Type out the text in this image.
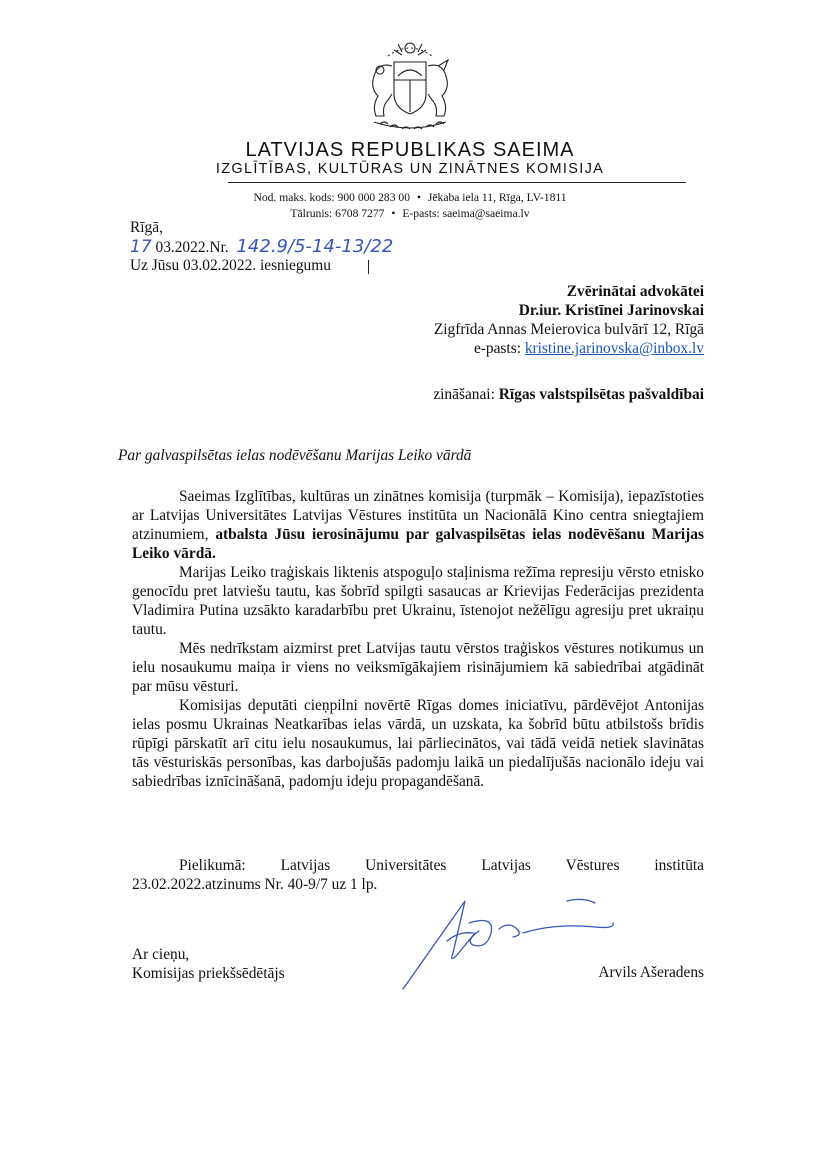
LATVIJAS REPUBLIKAS SAEIMA
IZGLĪTĪBAS, KULTŪRAS UN ZINĀTNES KOMISIJA
Nod. maks. kods: 900 000 283 00 • Jēkaba iela 11, Rīga, LV-1811
Tālrunis: 6708 7277 • E-pasts: saeima@saeima.lv
Rīgā,
17 03.2022.Nr. 142.9/5-14-13/22
Uz Jūsu 03.02.2022. iesniegumu
Zvērinātai advokātei
Dr.iur. Kristīnei Jarinovskai
Zigfrīda Annas Meierovica bulvārī 12, Rīgā
e-pasts: kristine.jarinovska@inbox.lv
zināšanai: Rīgas valstspilsētas pašvaldībai
Par galvaspilsētas ielas nodēvēšanu Marijas Leiko vārdā

Saeimas Izglītības, kultūras un zinātnes komisija (turpmāk – Komisija), iepazīstoties ar Latvijas Universitātes Latvijas Vēstures institūta un Nacionālā Kino centra sniegtajiem atzinumiem, atbalsta Jūsu ierosinājumu par galvaspilsētas ielas nodēvēšanu Marijas Leiko vārdā.

Marijas Leiko traģiskais liktenis atspoguļo staļinisma režīma represiju vērsto etnisko genocīdu pret latviešu tautu, kas šobrīd spilgti sasaucas ar Krievijas Federācijas prezidenta Vladimira Putina uzsākto karadarbību pret Ukrainu, īstenojot nežēlīgu agresiju pret ukraiņu tautu.

Mēs nedrīkstam aizmirst pret Latvijas tautu vērstos traģiskos vēstures notikumus un ielu nosaukumu maiņa ir viens no veiksmīgākajiem risinājumiem kā sabiedrībai atgādināt par mūsu vēsturi.

Komisijas deputāti cieņpilni novērtē Rīgas domes iniciatīvu, pārdēvējot Antonijas ielas posmu Ukrainas Neatkarības ielas vārdā, un uzskata, ka šobrīd būtu atbilstošs brīdis rūpīgi pārskatīt arī citu ielu nosaukumus, lai pārliecinātos, vai tādā veidā netiek slavinātas tās vēsturiskās personības, kas darbojušās padomju laikā un piedalījušās nacionālo ideju vai sabiedrības iznīcināšanā, padomju ideju propagandēšanā.

Pielikumā: Latvijas Universitātes Latvijas Vēstures institūta
23.02.2022.atzinums Nr. 40-9/7 uz 1 lp.
Ar cieņu,
Komisijas priekšsēdētājs	Arvils Ašeradens
